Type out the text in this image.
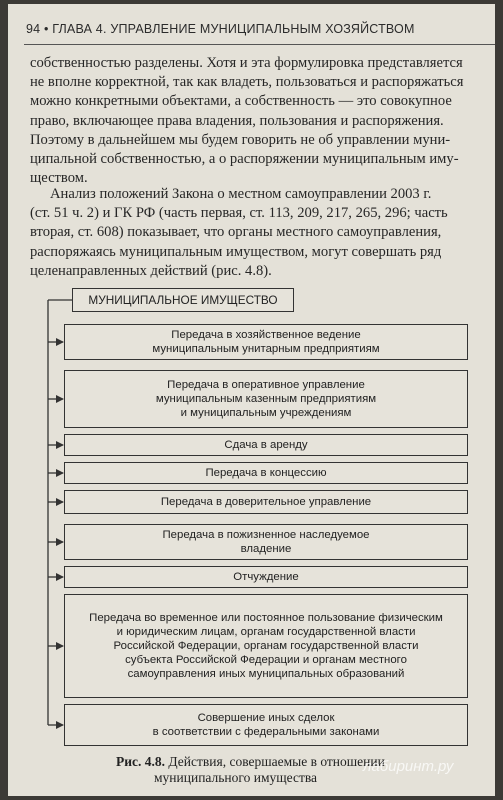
94 • ГЛАВА 4. УПРАВЛЕНИЕ МУНИЦИПАЛЬНЫМ ХОЗЯЙСТВОМ

собственностью разделены. Хотя и эта формулировка представляется
не вполне корректной, так как владеть, пользоваться и распоряжаться
можно конкретными объектами, а собственность — это совокупное
право, включающее права владения, пользования и распоряжения.
Поэтому в дальнейшем мы будем говорить не об управлении муни-
ципальной собственностью, а о распоряжении муниципальным иму-
ществом.

Анализ положений Закона о местном самоуправлении 2003 г.
(ст. 51 ч. 2) и ГК РФ (часть первая, ст. 113, 209, 217, 265, 296; часть
вторая, ст. 608) показывает, что органы местного самоуправления,
распоряжаясь муниципальным имуществом, могут совершать ряд
целенаправленных действий (рис. 4.8).

МУНИЦИПАЛЬНОЕ ИМУЩЕСТВО
Передача в хозяйственное ведение
муниципальным унитарным предприятиям
Передача в оперативное управление
муниципальным казенным предприятиям
и муниципальным учреждениям
Сдача в аренду
Передача в концессию
Передача в доверительное управление
Передача в пожизненное наследуемое
владение
Отчуждение
Передача во временное или постоянное пользование физическим
и юридическим лицам, органам государственной власти
Российской Федерации, органам государственной власти
субъекта Российской Федерации и органам местного
самоуправления иных муниципальных образований
Совершение иных сделок
в соответствии с федеральными законами
Рис. 4.8. Действия, совершаемые в отношении
муниципального имущества
лабиринт.ру
